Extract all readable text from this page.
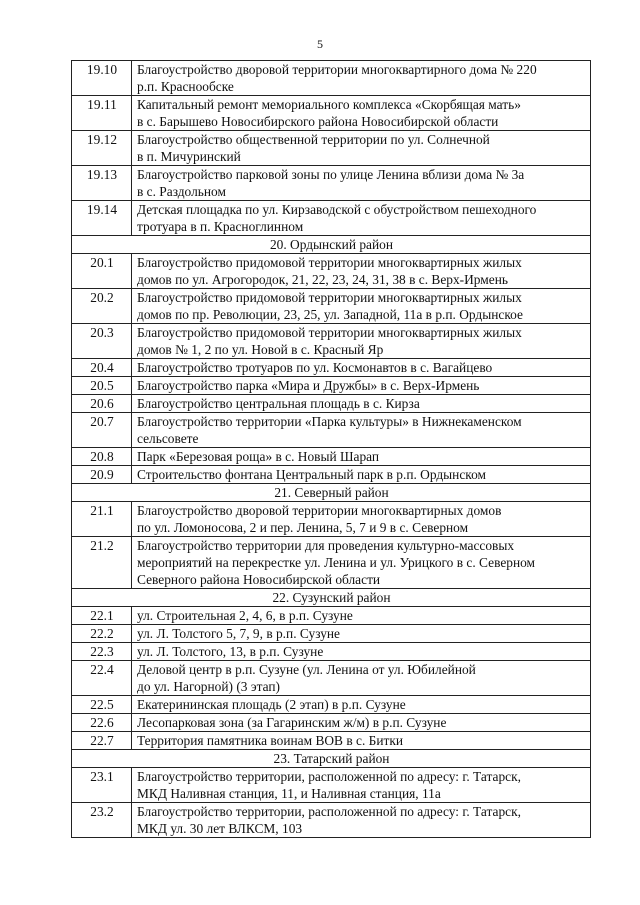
5
19.10	Благоустройство дворовой территории многоквартирного дома № 220
р.п. Краснообске

19.11	Капитальный ремонт мемориального комплекса «Скорбящая мать»
в с. Барышево Новосибирского района Новосибирской области

19.12	Благоустройство общественной территории по ул. Солнечной
в п. Мичуринский

19.13	Благоустройство парковой зоны по улице Ленина вблизи дома № 3а
в с. Раздольном

19.14	Детская площадка по ул. Кирзаводской с обустройством пешеходного
тротуара в п. Красноглинном

20. Ордынский район	
20.1	Благоустройство придомовой территории многоквартирных жилых
домов по ул. Агрогородок, 21, 22, 23, 24, 31, 38 в с. Верх-Ирмень

20.2	Благоустройство придомовой территории многоквартирных жилых
домов по пр. Революции, 23, 25, ул. Западной, 11а в р.п. Ордынское

20.3	Благоустройство придомовой территории многоквартирных жилых
домов № 1, 2 по ул. Новой в с. Красный Яр

20.4	Благоустройство тротуаров по ул. Космонавтов в с. Вагайцево

20.5	Благоустройство парка «Мира и Дружбы» в с. Верх-Ирмень

20.6	Благоустройство центральная площадь в с. Кирза

20.7	Благоустройство территории «Парка культуры» в Нижнекаменском
сельсовете

20.8	Парк «Березовая роща» в с. Новый Шарап

20.9	Строительство фонтана Центральный парк в р.п. Ордынском

21. Северный район	
21.1	Благоустройство дворовой территории многоквартирных домов
по ул. Ломоносова, 2 и пер. Ленина, 5, 7 и 9 в с. Северном

21.2	Благоустройство территории для проведения культурно-массовых
мероприятий на перекрестке ул. Ленина и ул. Урицкого в с. Северном
Северного района Новосибирской области

22. Сузунский район	
22.1	ул. Строительная 2, 4, 6, в р.п. Сузуне

22.2	ул. Л. Толстого 5, 7, 9, в р.п. Сузуне

22.3	ул. Л. Толстого, 13, в р.п. Сузуне

22.4	Деловой центр в р.п. Сузуне (ул. Ленина от ул. Юбилейной
до ул. Нагорной) (3 этап)

22.5	Екатерининская площадь (2 этап) в р.п. Сузуне

22.6	Лесопарковая зона (за Гагаринским ж/м) в р.п. Сузуне

22.7	Территория памятника воинам ВОВ в с. Битки

23. Татарский район	
23.1	Благоустройство территории, расположенной по адресу: г. Татарск,
МКД Наливная станция, 11, и Наливная станция, 11а

23.2	Благоустройство территории, расположенной по адресу: г. Татарск,
МКД ул. 30 лет ВЛКСМ, 103
